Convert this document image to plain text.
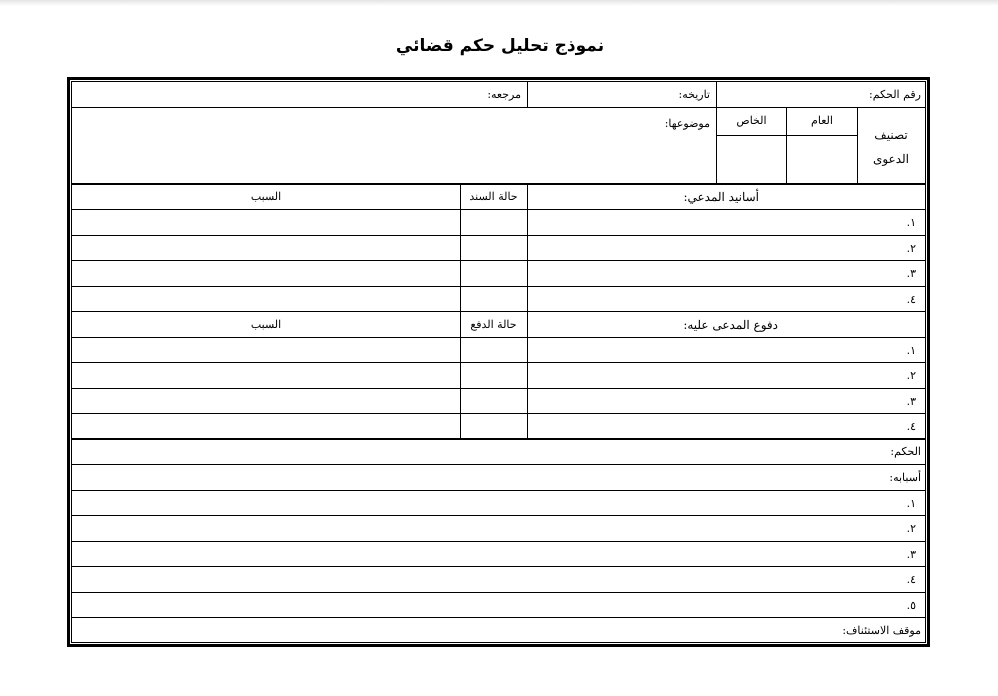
نموذج تحليل حكم قضائي
رقم الحكم:
تاريخه:
مرجعه:
تصنيف
الدعوى
العام
الخاص
موضوعها:
أسانيد المدعي:
حالة السند
السبب
١.
٢.
٣.
٤.
دفوع المدعى عليه:
حالة الدفع
السبب
١.
٢.
٣.
٤.
الحكم:
أسبابه:
١.
٢.
٣.
٤.
٥.
موقف الاستئناف:
